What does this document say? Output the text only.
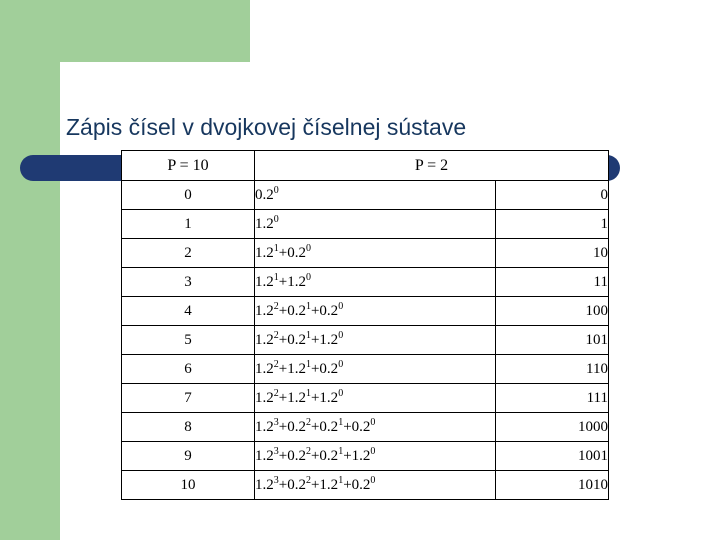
Zápis čísel v dvojkovej číselnej sústave
P = 10	P = 2	
0	$0.2^0$	0
1	$1.2^0$	1
2	$1.2^1+0.2^0$	10
3	$1.2^1+1.2^0$	11
4	$1.2^2+0.2^1+0.2^0$	100
5	$1.2^2+0.2^1+1.2^0$	101
6	$1.2^2+1.2^1+0.2^0$	110
7	$1.2^2+1.2^1+1.2^0$	111
8	$1.2^3+0.2^2+0.2^1+0.2^0$	1000
9	$1.2^3+0.2^2+0.2^1+1.2^0$	1001
10	$1.2^3+0.2^2+1.2^1+0.2^0$	1010
